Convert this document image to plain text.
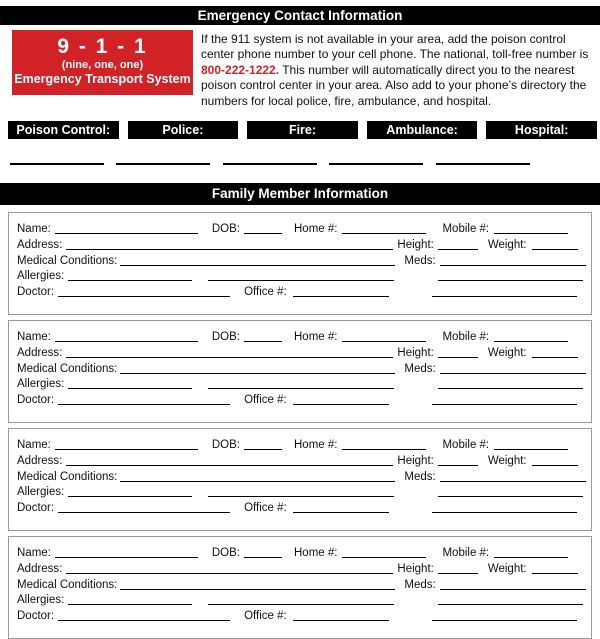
Emergency Contact Information
9 - 1 - 1
(nine, one, one)
Emergency Transport System
If the 911 system is not available in your area, add the poison control center phone number to your cell phone. The national, toll-free number is 800-222-1222. This number will automatically direct you to the nearest poison control center in your area. Also add to your phone’s directory the numbers for local police, fire, ambulance, and hospital.
Poison Control:	Police:	Fire:	Ambulance:	Hospital:

Family Member Information
Name:	DOB:	Home #:	Mobile #:
Address:	Height:	Weight:
Medical Conditions:	Meds:
Allergies:
Doctor:	Office #:
Name:	DOB:	Home #:	Mobile #:
Address:	Height:	Weight:
Medical Conditions:	Meds:
Allergies:
Doctor:	Office #:
Name:	DOB:	Home #:	Mobile #:
Address:	Height:	Weight:
Medical Conditions:	Meds:
Allergies:
Doctor:	Office #:
Name:	DOB:	Home #:	Mobile #:
Address:	Height:	Weight:
Medical Conditions:	Meds:
Allergies:
Doctor:	Office #:
